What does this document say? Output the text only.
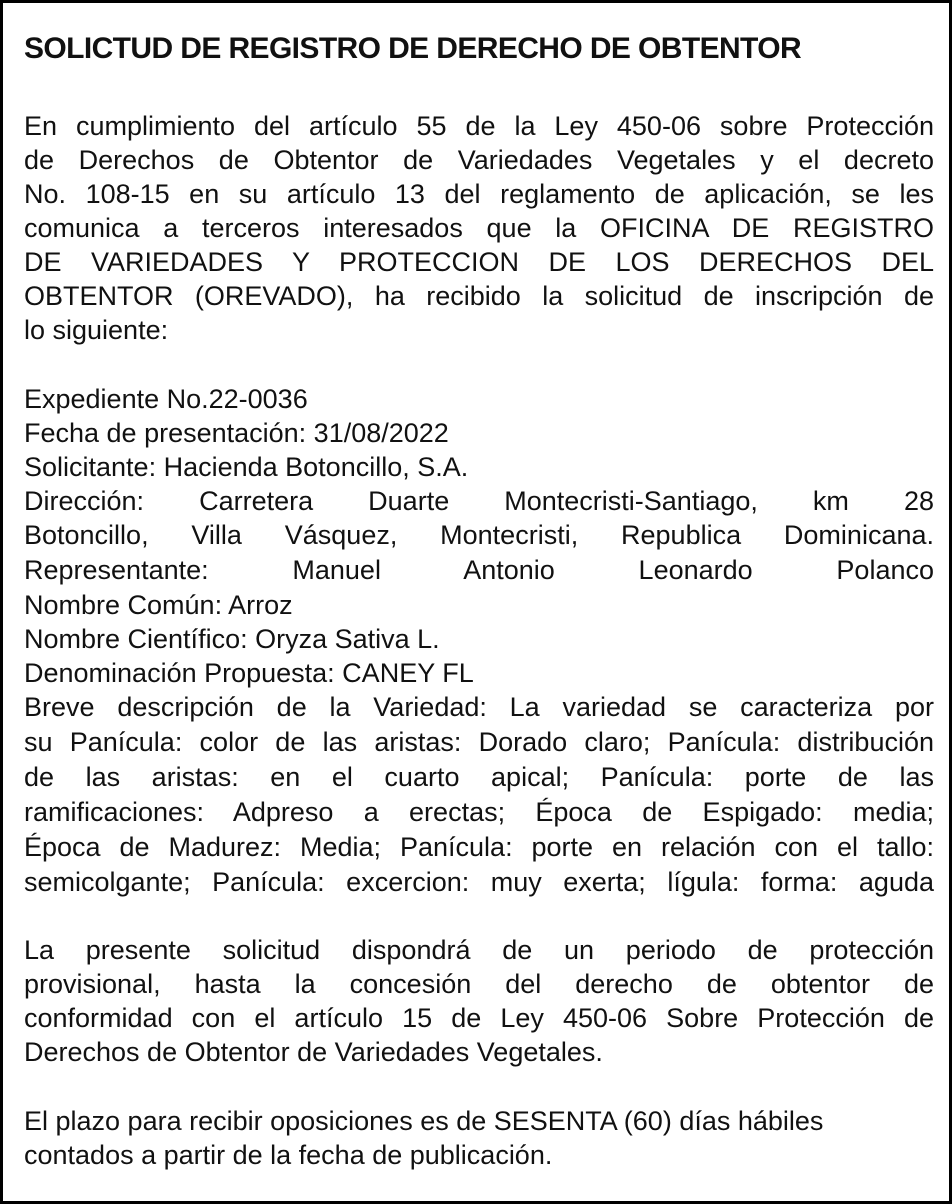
SOLICTUD DE REGISTRO DE DERECHO DE OBTENTOR

En cumplimiento del artículo 55 de la Ley 450-06 sobre Protección

de Derechos de Obtentor de Variedades Vegetales y el decreto

No. 108-15 en su artículo 13 del reglamento de aplicación, se les

comunica a terceros interesados que la OFICINA DE REGISTRO

DE VARIEDADES Y PROTECCION DE LOS DERECHOS DEL

OBTENTOR (OREVADO), ha recibido la solicitud de inscripción de

lo siguiente:

Expediente No.22-0036

Fecha de presentación: 31/08/2022

Solicitante: Hacienda Botoncillo, S.A.

Dirección: Carretera Duarte Montecristi-Santiago, km 28

Botoncillo, Villa Vásquez, Montecristi, Republica Dominicana.

Representante: Manuel Antonio Leonardo Polanco

Nombre Común: Arroz

Nombre Científico: Oryza Sativa L.

Denominación Propuesta: CANEY FL

Breve descripción de la Variedad: La variedad se caracteriza por

su Panícula: color de las aristas: Dorado claro; Panícula: distribución

de las aristas: en el cuarto apical; Panícula: porte de las

ramificaciones: Adpreso a erectas; Época de Espigado: media;

Época de Madurez: Media; Panícula: porte en relación con el tallo:

semicolgante; Panícula: excercion: muy exerta; lígula: forma: aguda

La presente solicitud dispondrá de un periodo de protección

provisional, hasta la concesión del derecho de obtentor de

conformidad con el artículo 15 de Ley 450-06 Sobre Protección de

Derechos de Obtentor de Variedades Vegetales.

El plazo para recibir oposiciones es de SESENTA (60) días hábiles

contados a partir de la fecha de publicación.
